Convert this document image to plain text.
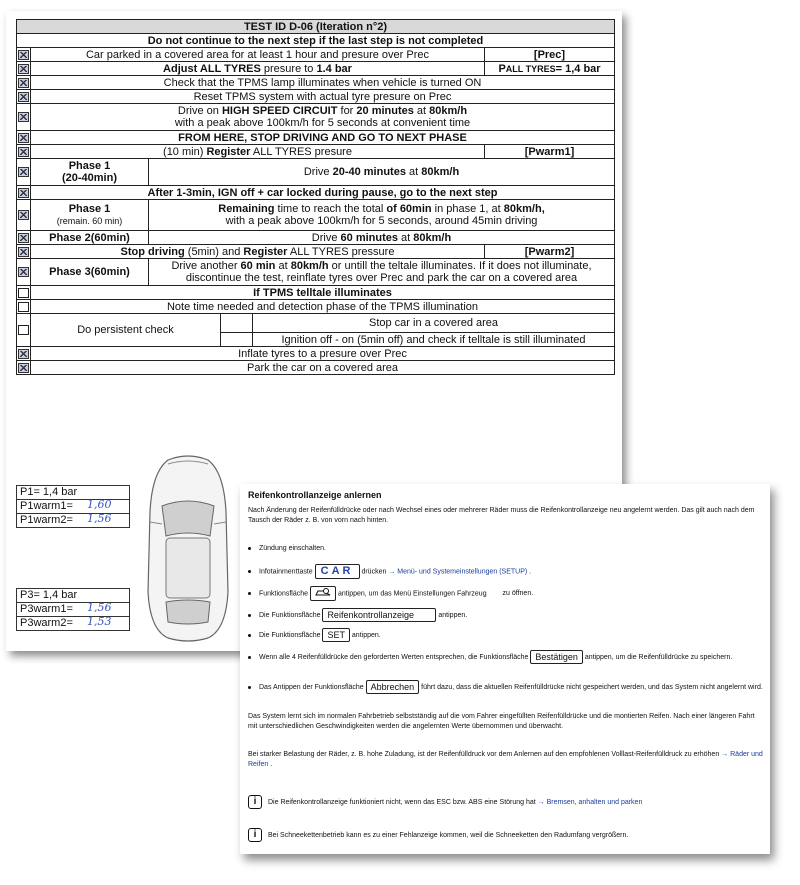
TEST ID D-06 (Iteration n°2)					
Do not continue to the next step if the last step is not completed					
	Car parked in a covered area for at least 1 hour and presure over Prec				[Prec]
	Adjust ALL TYRES presure to 1.4 bar				PALL TYRES= 1,4 bar
	Check that the TPMS lamp illuminates when vehicle is turned ON				
	Reset TPMS system with actual tyre presure on Prec				
	Drive on HIGH SPEED CIRCUIT for 20 minutes at 80km/h
with a peak above 100km/h for 5 seconds at convenient time				
	FROM HERE, STOP DRIVING AND GO TO NEXT PHASE				
	(10 min) Register ALL TYRES presure				[Pwarm1]
	Phase 1
(20-40min)	Drive 20-40 minutes at 80km/h			
	After 1-3min, IGN off + car locked during pause, go to the next step				
	Phase 1
(remain. 60 min)	Remaining time to reach the total of 60min in phase 1, at 80km/h,
with a peak above 100km/h for 5 seconds, around 45min driving			
	Phase 2(60min)	Drive 60 minutes at 80km/h			
	Stop driving (5min) and Register ALL TYRES pressure				[Pwarm2]
	Phase 3(60min)	Drive another 60 min at 80km/h or untill the teltale illuminates. If it does not illuminate,
discontinue the test, reinflate tyres over Prec and park the car on a covered area			
	If TPMS telltale illuminates				
	Note time needed and detection phase of the TPMS illumination				
	Do persistent check			Stop car in a covered area	
				Ignition off - on (5min off) and check if telltale is still illuminated	
	Inflate tyres to a presure over Prec				
	Park the car on a covered area				
P1= 1,4 bar
P1warm1= 1,60
P1warm2= 1,56
P3= 1,4 bar
P3warm1= 1,56
P3warm2= 1,53
Reifenkontrollanzeige anlernen
Nach Änderung der Reifenfülldrücke oder nach Wechsel eines oder mehrerer Räder muss die Reifenkontrollanzeige neu angelernt werden. Das gilt auch nach dem Tausch der Räder z. B. von vorn nach hinten.
Zündung einschalten.
Infotainmenttaste CAR drücken → Menü- und Systemeinstellungen (SETUP) .
Funktionsfläche	antippen, um das Menü Einstellungen Fahrzeug zu öffnen.
Die Funktionsfläche Reifenkontrollanzeige	antippen.
Die Funktionsfläche SET antippen.
Wenn alle 4 Reifenfülldrücke den geforderten Werten entsprechen, die Funktionsfläche Bestätigen antippen, um die Reifenfülldrücke zu speichern.
Das Antippen der Funktionsfläche Abbrechen führt dazu, dass die aktuellen Reifenfülldrücke nicht gespeichert werden, und das System nicht angelernt wird.
Das System lernt sich im normalen Fahrbetrieb selbstständig auf die vom Fahrer eingefüllten Reifenfülldrücke und die montierten Reifen. Nach einer längeren Fahrt mit unterschiedlichen Geschwindigkeiten werden die angelernten Werte übernommen und überwacht.
Bei starker Belastung der Räder, z. B. hohe Zuladung, ist der Reifenfülldruck vor dem Anlernen auf den empfohlenen Volllast-Reifenfülldruck zu erhöhen → Räder und Reifen .
i Die Reifenkontrollanzeige funktioniert nicht, wenn das ESC bzw. ABS eine Störung hat → Bremsen, anhalten und parken
i Bei Schneekettenbetrieb kann es zu einer Fehlanzeige kommen, weil die Schneeketten den Radumfang vergrößern.
